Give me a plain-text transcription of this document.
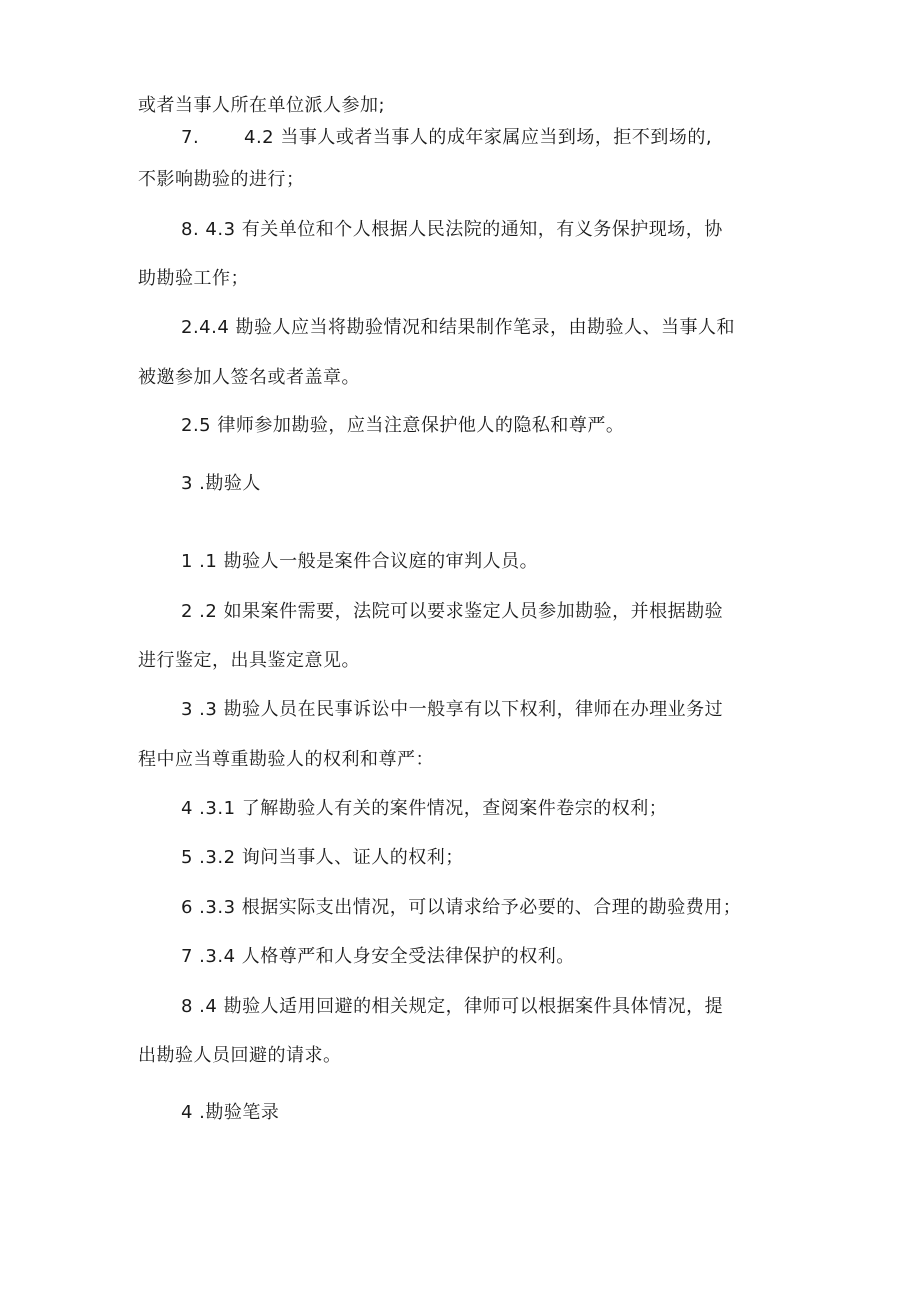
或者当事人所在单位派人参加;
7. 4.2 当事人或者当事人的成年家属应当到场，拒不到场的,
不影响勘验的进行；
8. 4.3 有关单位和个人根据人民法院的通知，有义务保护现场，协
助勘验工作；
2.4.4 勘验人应当将勘验情况和结果制作笔录，由勘验人、当事人和
被邀参加人签名或者盖章。
2.5 律师参加勘验，应当注意保护他人的隐私和尊严。
3 .勘验人
1 .1 勘验人一般是案件合议庭的审判人员。
2 .2 如果案件需要，法院可以要求鉴定人员参加勘验，并根据勘验
进行鉴定，出具鉴定意见。
3 .3 勘验人员在民事诉讼中一般享有以下权利，律师在办理业务过
程中应当尊重勘验人的权利和尊严：
4 .3.1 了解勘验人有关的案件情况，查阅案件卷宗的权利；
5 .3.2 询问当事人、证人的权利；
6 .3.3 根据实际支出情况，可以请求给予必要的、合理的勘验费用；
7 .3.4 人格尊严和人身安全受法律保护的权利。
8 .4 勘验人适用回避的相关规定，律师可以根据案件具体情况，提
出勘验人员回避的请求。
4 .勘验笔录
